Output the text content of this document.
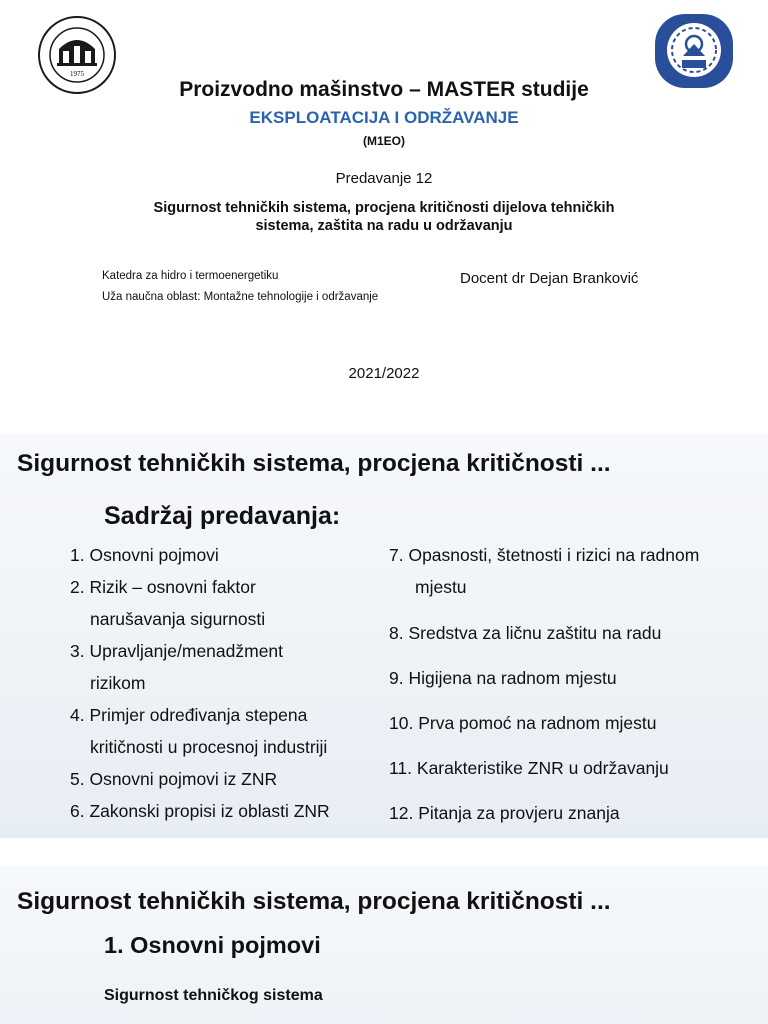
1975
Proizvodno mašinstvo – MASTER studije
EKSPLOATACIJA I ODRŽAVANJE
(M1EO)
Predavanje 12
Sigurnost tehničkih sistema, procjena kritičnosti dijelova tehničkih
sistema, zaštita na radu u održavanju
Katedra za hidro i termoenergetiku
Uža naučna oblast: Montažne tehnologije i održavanje
Docent dr Dejan Branković
2021/2022
Sigurnost tehničkih sistema, procjena kritičnosti ...
Sadržaj predavanja:
1. Osnovni pojmovi
2. Rizik – osnovni faktor
narušavanja sigurnosti
3. Upravljanje/menadžment
rizikom
4. Primjer određivanja stepena
kritičnosti u procesnoj industriji
5. Osnovni pojmovi iz ZNR
6. Zakonski propisi iz oblasti ZNR
7. Opasnosti, štetnosti i rizici na radnom
mjestu
8. Sredstva za ličnu zaštitu na radu
9. Higijena na radnom mjestu
10. Prva pomoć na radnom mjestu
11. Karakteristike ZNR u održavanju
12. Pitanja za provjeru znanja
Sigurnost tehničkih sistema, procjena kritičnosti ...
1. Osnovni pojmovi
Sigurnost tehničkog sistema
